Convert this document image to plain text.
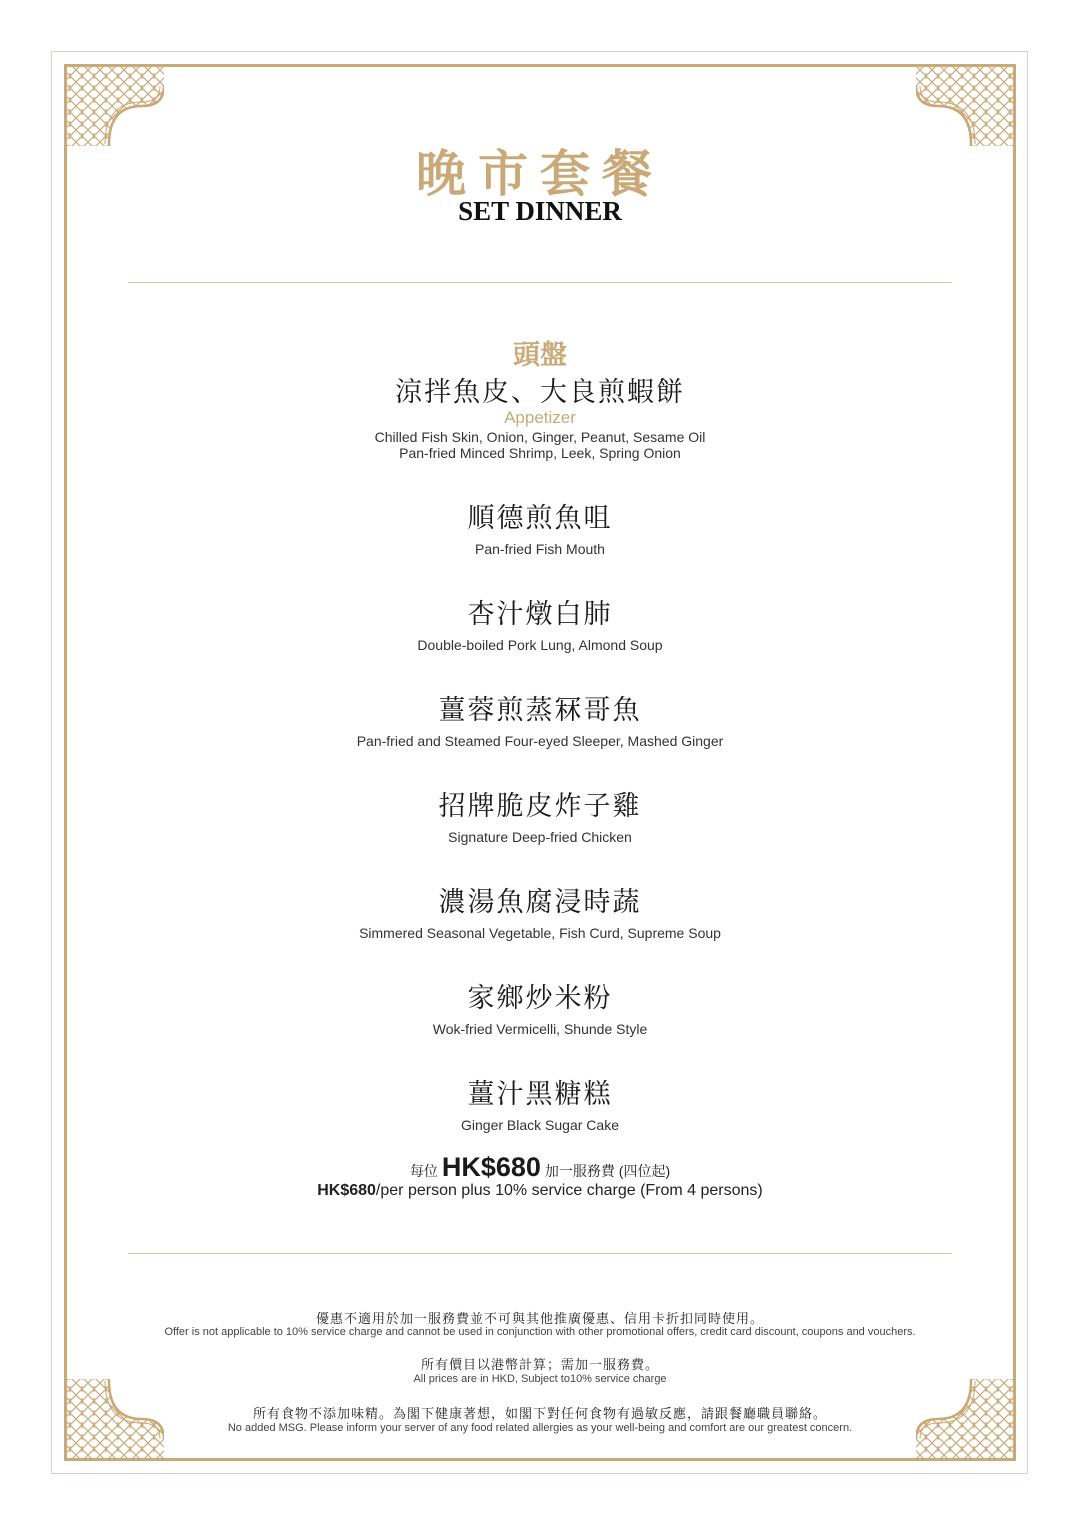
晚市套餐
SET DINNER
頭盤
涼拌魚皮、大良煎蝦餅
Appetizer
Chilled Fish Skin, Onion, Ginger, Peanut, Sesame Oil
Pan-fried Minced Shrimp, Leek, Spring Onion
順德煎魚咀
Pan-fried Fish Mouth
杏汁燉白肺
Double-boiled Pork Lung, Almond Soup
薑蓉煎蒸冧哥魚
Pan-fried and Steamed Four-eyed Sleeper, Mashed Ginger
招牌脆皮炸子雞
Signature Deep-fried Chicken
濃湯魚腐浸時蔬
Simmered Seasonal Vegetable, Fish Curd, Supreme Soup
家鄉炒米粉
Wok-fried Vermicelli, Shunde Style
薑汁黑糖糕
Ginger Black Sugar Cake
每位 HK$680 加一服務費 (四位起)
HK$680/per person plus 10% service charge (From 4 persons)
優惠不適用於加一服務費並不可與其他推廣優惠、信用卡折扣同時使用。
Offer is not applicable to 10% service charge and cannot be used in conjunction with other promotional offers, credit card discount, coupons and vouchers.
所有價目以港幣計算；需加一服務費。
All prices are in HKD, Subject to10% service charge
所有食物不添加味精。為閣下健康著想，如閣下對任何食物有過敏反應，請跟餐廳職員聯絡。
No added MSG. Please inform your server of any food related allergies as your well-being and comfort are our greatest concern.
